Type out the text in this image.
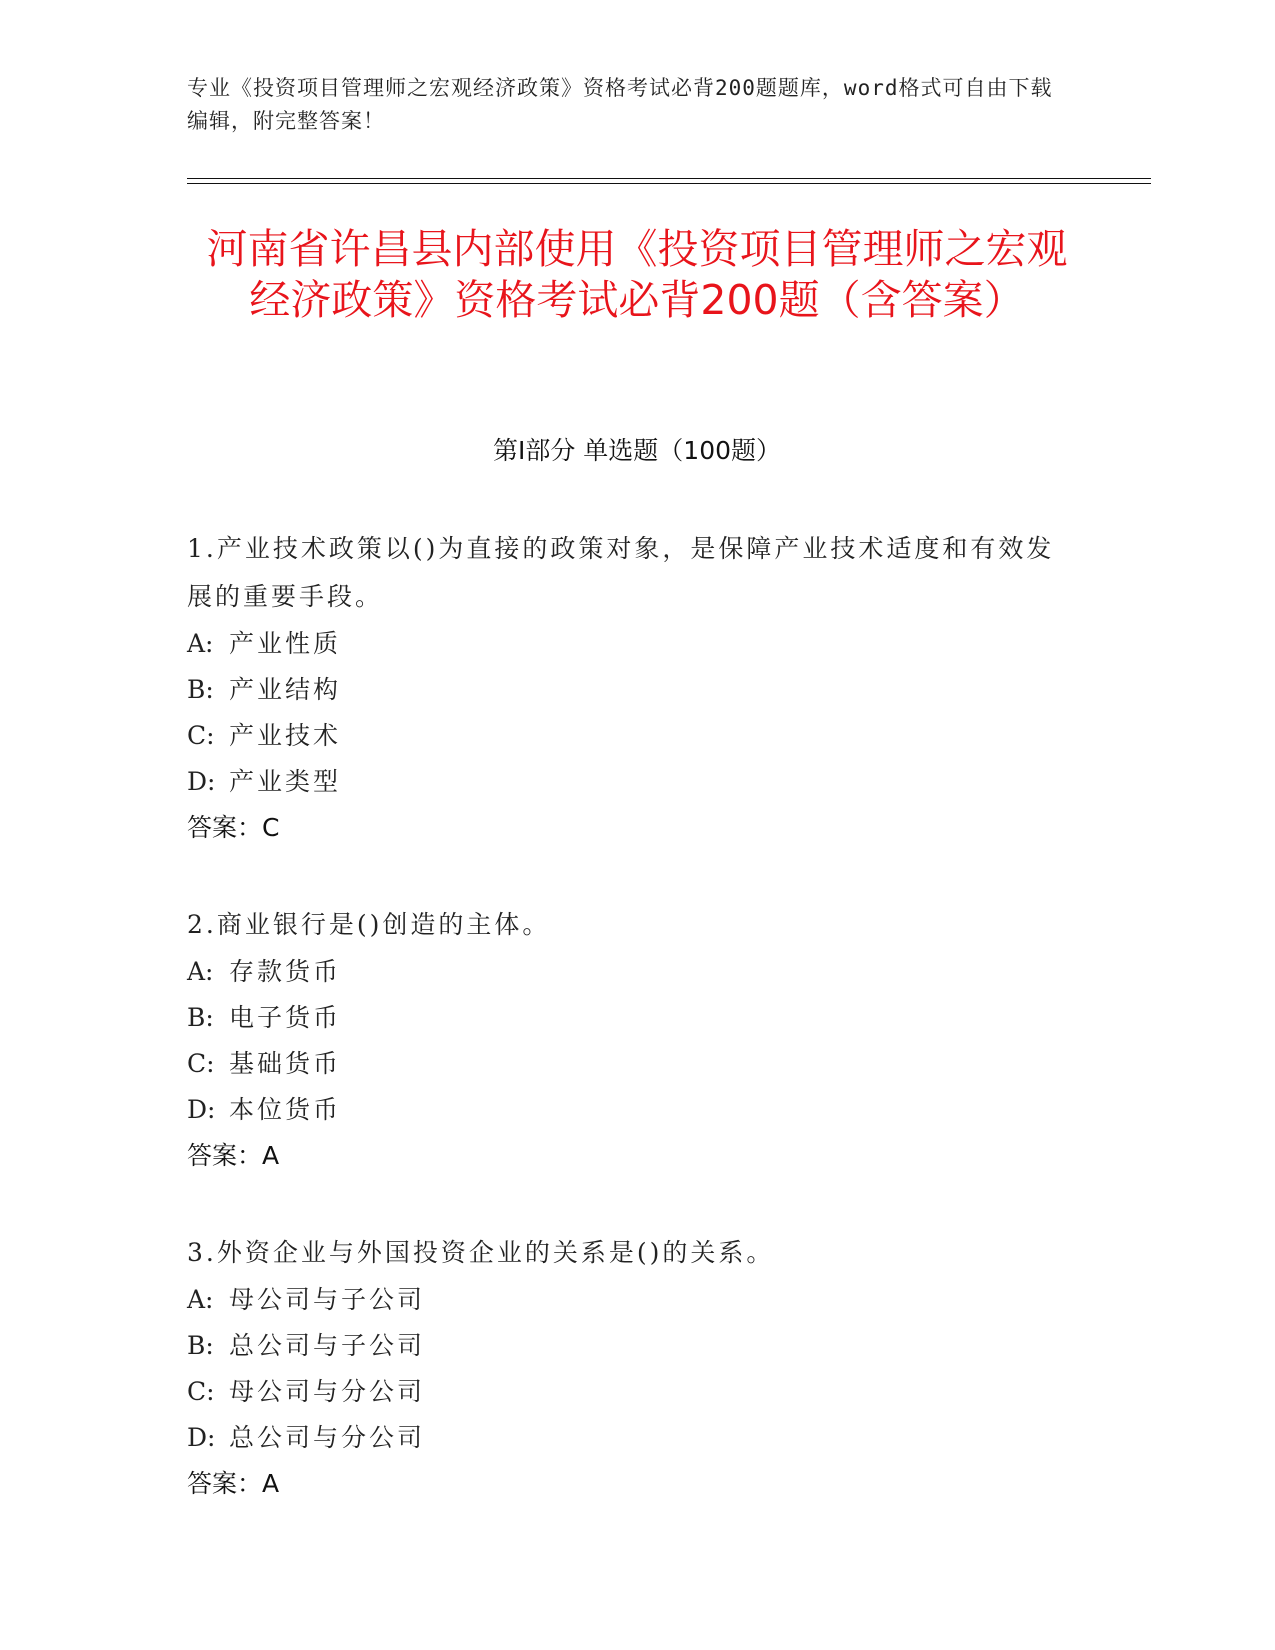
专业《投资项目管理师之宏观经济政策》资格考试必背200题题库，word格式可自由下载编辑，附完整答案！
河南省许昌县内部使用《投资项目管理师之宏观经济政策》资格考试必背200题（含答案）
第Ⅰ部分 单选题（100题）
1.产业技术政策以()为直接的政策对象，是保障产业技术适度和有效发展的重要手段。
A: 产业性质
B: 产业结构
C: 产业技术
D: 产业类型
答案：C
2.商业银行是()创造的主体。
A: 存款货币
B: 电子货币
C: 基础货币
D: 本位货币
答案：A
3.外资企业与外国投资企业的关系是()的关系。
A: 母公司与子公司
B: 总公司与子公司
C: 母公司与分公司
D: 总公司与分公司
答案：A
